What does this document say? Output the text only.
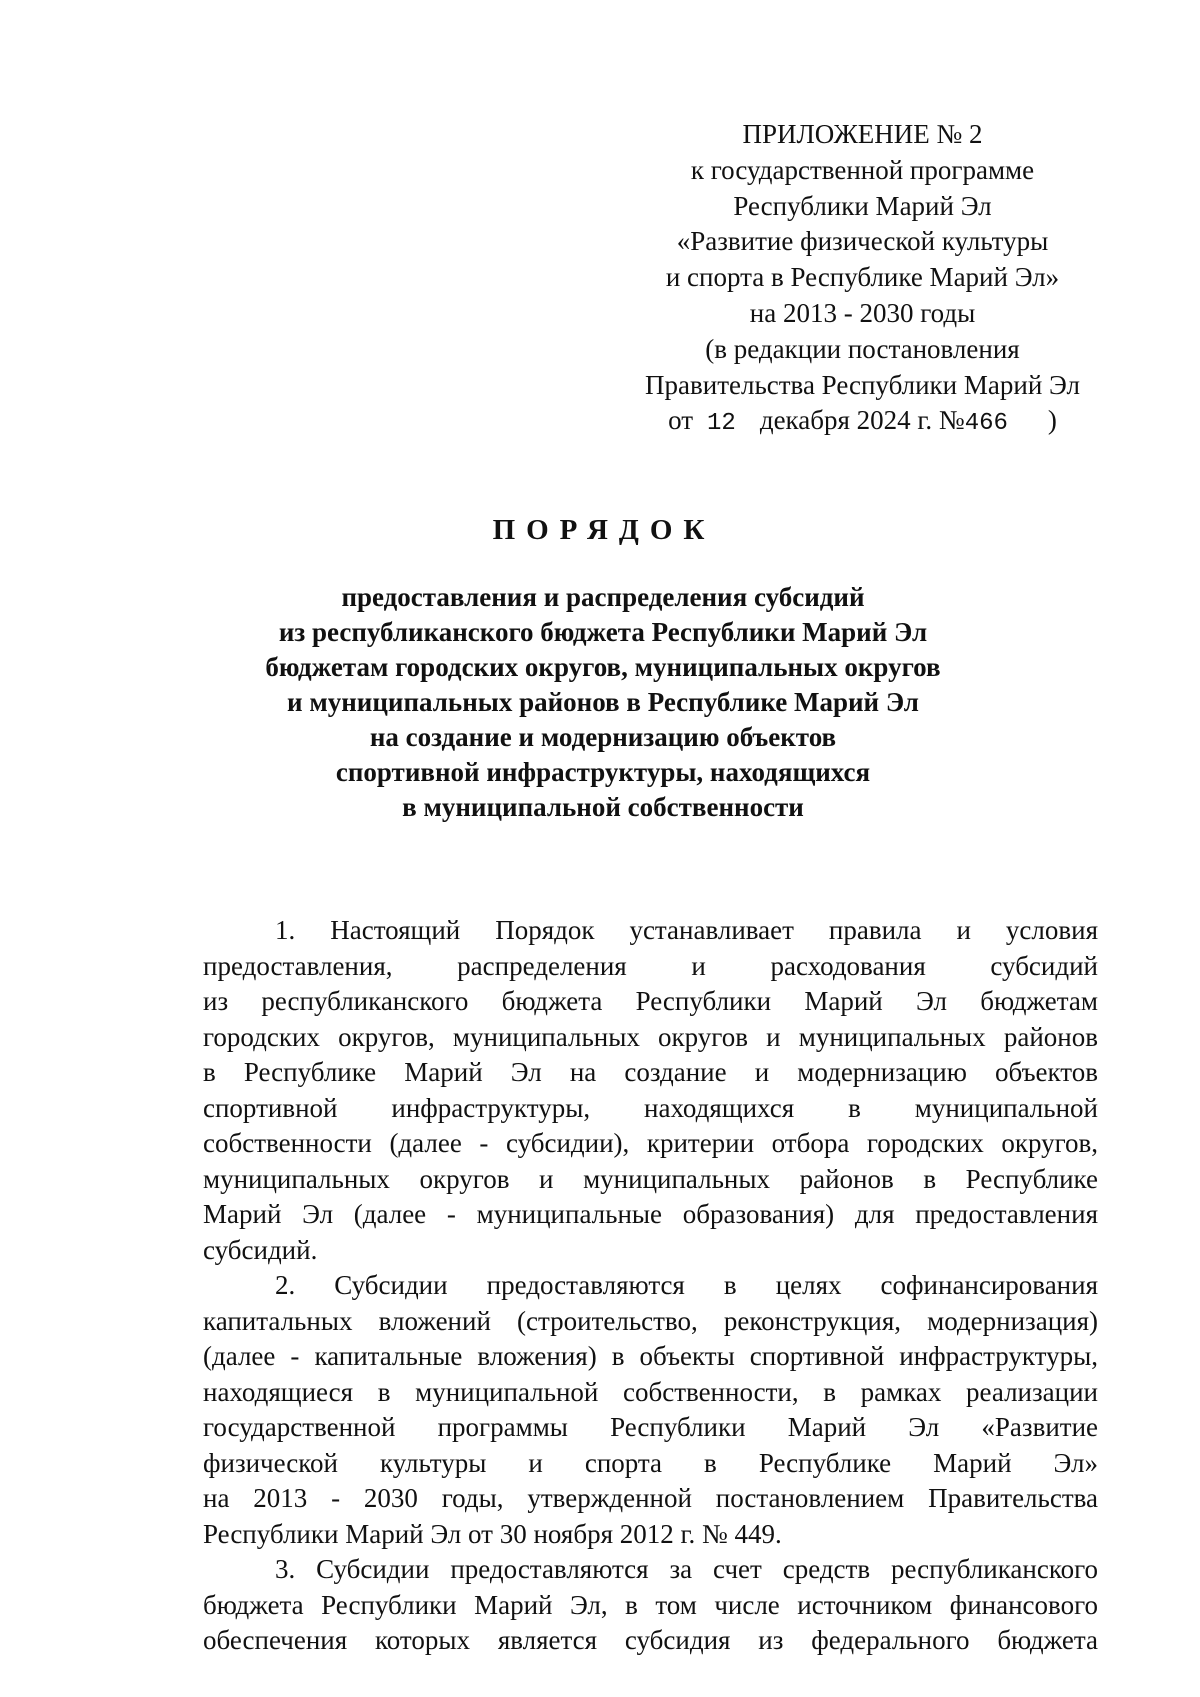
ПРИЛОЖЕНИЕ № 2
к государственной программе
Республики Марий Эл
«Развитие физической культуры
и спорта в Республике Марий Эл»
на 2013 - 2030 годы
(в редакции постановления
Правительства Республики Марий Эл
от 12 декабря 2024 г. №466 )
ПОРЯДОК
предоставления и распределения субсидий
из республиканского бюджета Республики Марий Эл
бюджетам городских округов, муниципальных округов
и муниципальных районов в Республике Марий Эл
на создание и модернизацию объектов
спортивной инфраструктуры, находящихся
в муниципальной собственности
1. Настоящий Порядок устанавливает правила и условия
предоставления, распределения и расходования субсидий
из республиканского бюджета Республики Марий Эл бюджетам
городских округов, муниципальных округов и муниципальных районов
в Республике Марий Эл на создание и модернизацию объектов
спортивной инфраструктуры, находящихся в муниципальной
собственности (далее - субсидии), критерии отбора городских округов,
муниципальных округов и муниципальных районов в Республике
Марий Эл (далее - муниципальные образования) для предоставления
субсидий.
2. Субсидии предоставляются в целях софинансирования
капитальных вложений (строительство, реконструкция, модернизация)
(далее - капитальные вложения) в объекты спортивной инфраструктуры,
находящиеся в муниципальной собственности, в рамках реализации
государственной программы Республики Марий Эл «Развитие
физической культуры и спорта в Республике Марий Эл»
на 2013 - 2030 годы, утвержденной постановлением Правительства
Республики Марий Эл от 30 ноября 2012 г. № 449.
3. Субсидии предоставляются за счет средств республиканского
бюджета Республики Марий Эл, в том числе источником финансового
обеспечения которых является субсидия из федерального бюджета
